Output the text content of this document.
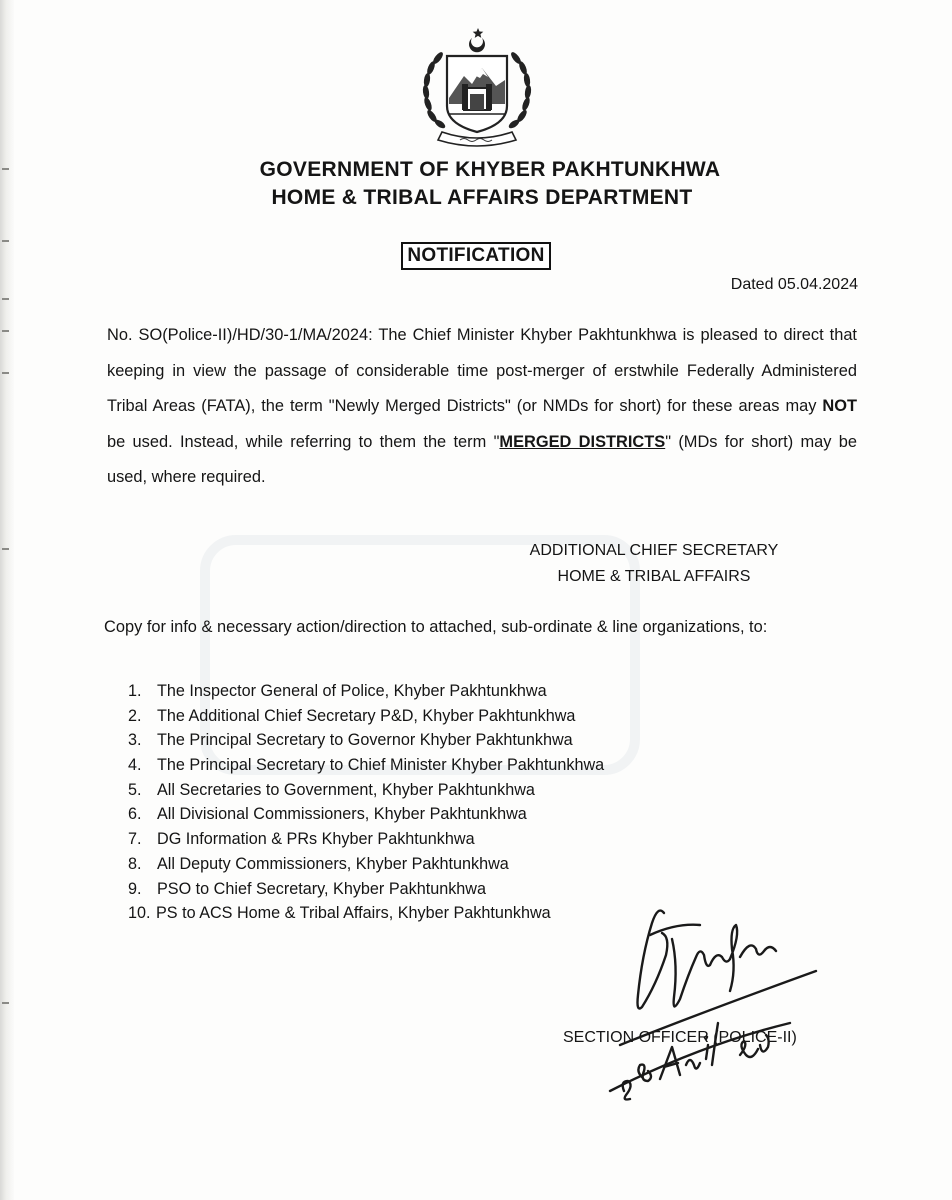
GOVERNMENT OF KHYBER PAKHTUNKHWA
HOME & TRIBAL AFFAIRS DEPARTMENT
NOTIFICATION
Dated 05.04.2024
No. SO(Police-II)/HD/30-1/MA/2024: The Chief Minister Khyber Pakhtunkhwa is pleased to direct that keeping in view the passage of considerable time post-merger of erstwhile Federally Administered Tribal Areas (FATA), the term "Newly Merged Districts" (or NMDs for short) for these areas may NOT be used. Instead, while referring to them the term "MERGED DISTRICTS" (MDs for short) may be used, where required.
ADDITIONAL CHIEF SECRETARY
HOME & TRIBAL AFFAIRS
Copy for info & necessary action/direction to attached, sub-ordinate & line organizations, to:
1. The Inspector General of Police, Khyber Pakhtunkhwa
2. The Additional Chief Secretary P&D, Khyber Pakhtunkhwa
3. The Principal Secretary to Governor Khyber Pakhtunkhwa
4. The Principal Secretary to Chief Minister Khyber Pakhtunkhwa
5. All Secretaries to Government, Khyber Pakhtunkhwa
6. All Divisional Commissioners, Khyber Pakhtunkhwa
7. DG Information & PRs Khyber Pakhtunkhwa
8. All Deputy Commissioners, Khyber Pakhtunkhwa
9. PSO to Chief Secretary, Khyber Pakhtunkhwa
10. PS to ACS Home & Tribal Affairs, Khyber Pakhtunkhwa
SECTION OFFICER (POLICE-II)
